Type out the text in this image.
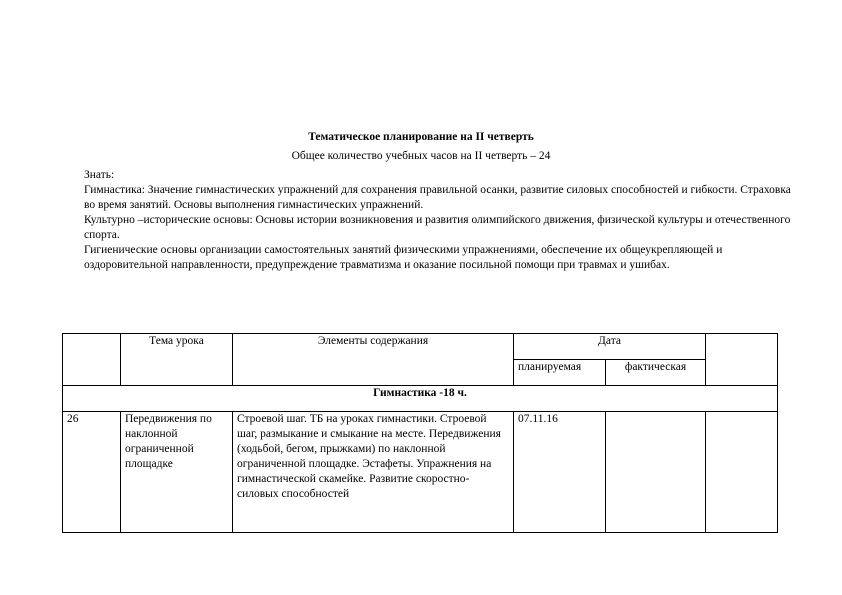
Тематическое планирование на II четверть
Общее количество учебных часов на II четверть – 24

Знать:

Гимнастика: Значение гимнастических упражнений для сохранения правильной осанки, развитие силовых способностей и гибкости. Страховка во время занятий. Основы выполнения гимнастических упражнений.

Культурно –исторические основы: Основы истории возникновения и развития олимпийского движения, физической культуры и отечественного спорта.

Гигиенические основы организации самостоятельных занятий физическими упражнениями, обеспечение их общеукрепляющей и оздоровительной направленности, предупреждение травматизма и оказание посильной помощи при травмах и ушибах.

	Тема урока	Элементы содержания	Дата		
			планируемая	фактическая	
Гимнастика -18 ч.					
26	Передвижения по наклонной ограниченной площадке	Строевой шаг. ТБ на уроках гимнастики. Строевой шаг, размыкание и смыкание на месте. Передвижения (ходьбой, бегом, прыжками) по наклонной ограниченной площадке. Эстафеты. Упражнения на гимнастической скамейке. Развитие скоростно-силовых способностей	07.11.16		
